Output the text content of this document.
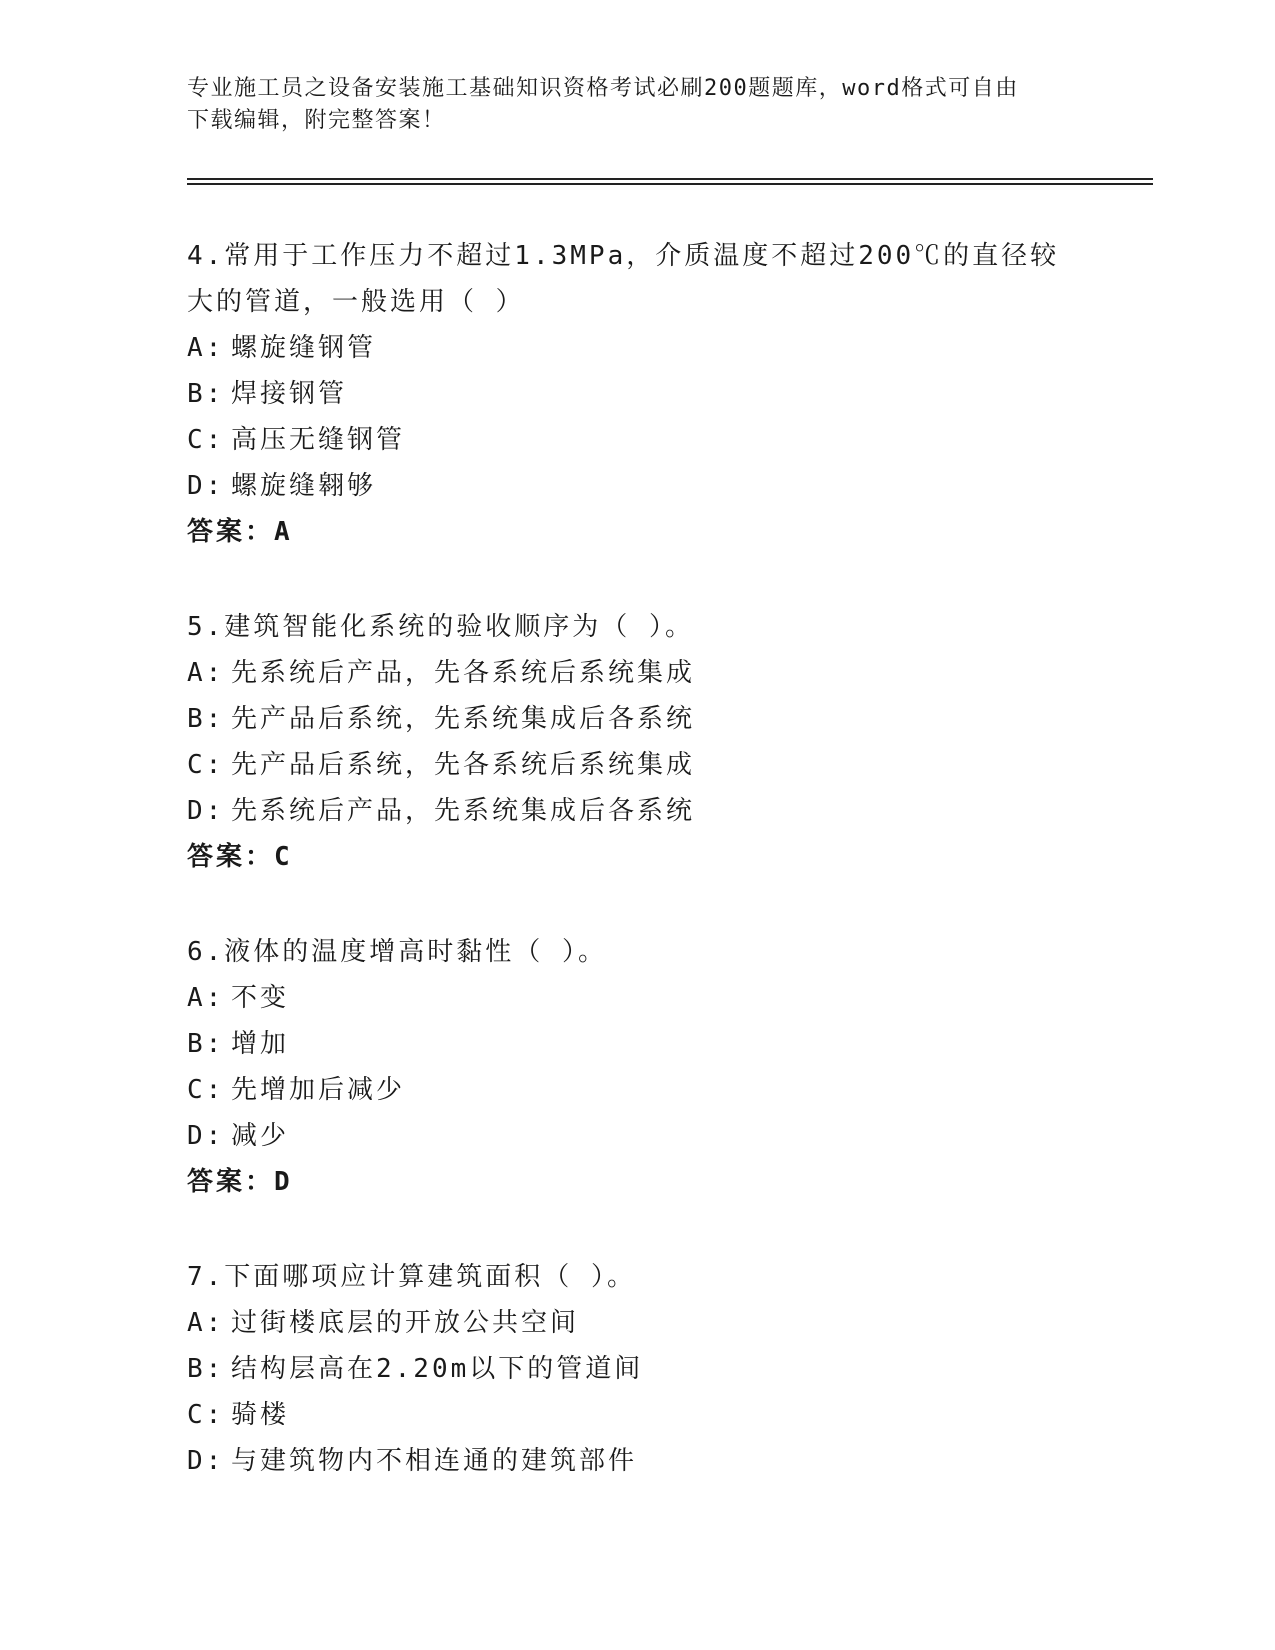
专业施工员之设备安装施工基础知识资格考试必刷200题题库，word格式可自由
下载编辑，附完整答案！
4.常用于工作压力不超过1.3MPa，介质温度不超过200℃的直径较大的管道，一般选用（ ）
A: 螺旋缝钢管
B: 焊接钢管
C: 高压无缝钢管
D: 螺旋缝翱够
答案：A
5.建筑智能化系统的验收顺序为（ ）。
A: 先系统后产品，先各系统后系统集成
B: 先产品后系统，先系统集成后各系统
C: 先产品后系统，先各系统后系统集成
D: 先系统后产品，先系统集成后各系统
答案：C
6.液体的温度增高时黏性（ ）。
A: 不变
B: 增加
C: 先增加后减少
D: 减少
答案：D
7.下面哪项应计算建筑面积（ ）。
A: 过街楼底层的开放公共空间
B: 结构层高在2.20m以下的管道间
C: 骑楼
D: 与建筑物内不相连通的建筑部件
